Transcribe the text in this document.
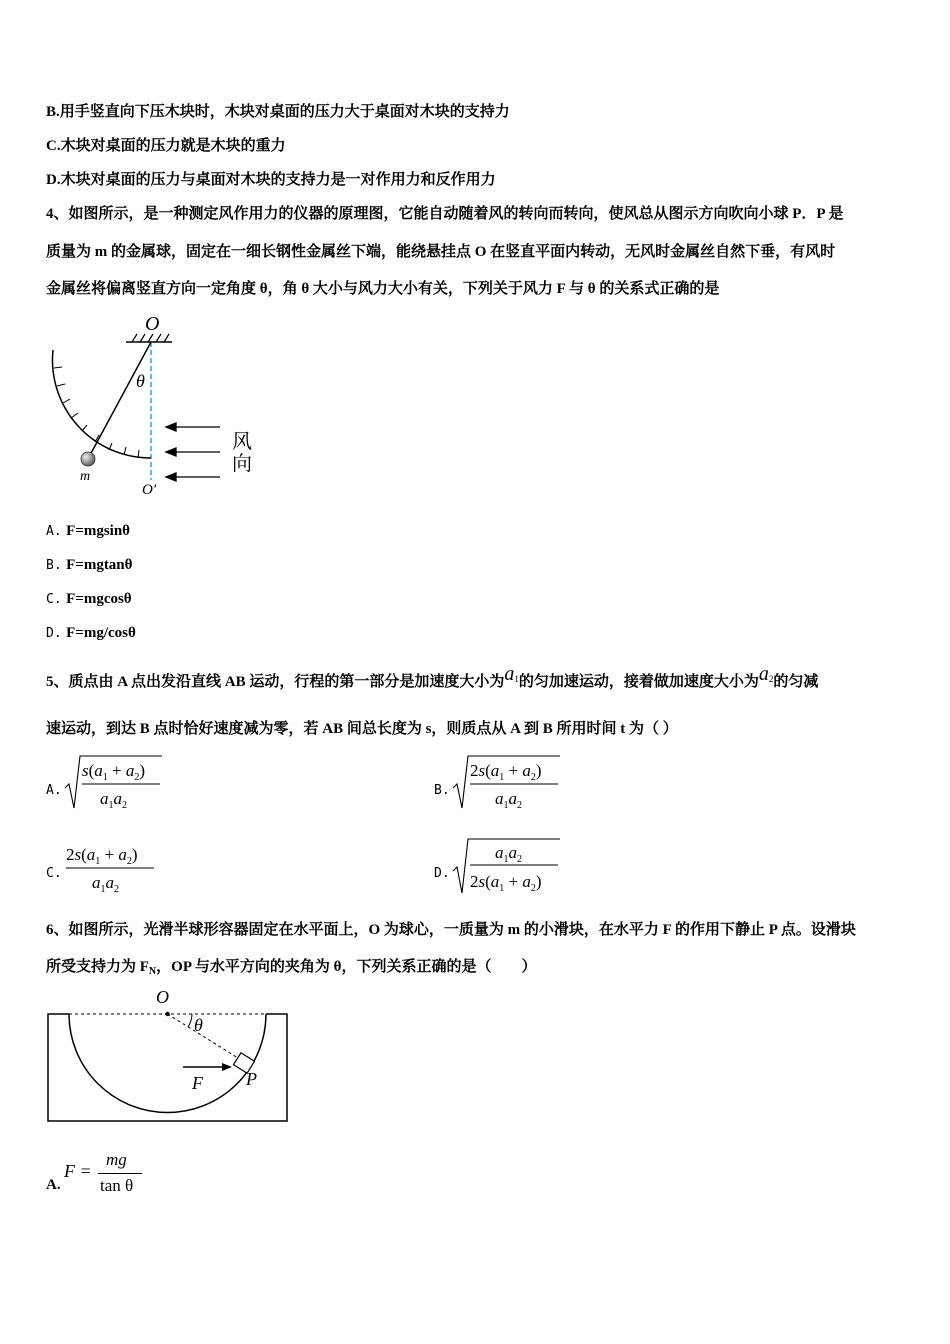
B.用手竖直向下压木块时，木块对桌面的压力大于桌面对木块的支持力
C.木块对桌面的压力就是木块的重力
D.木块对桌面的压力与桌面对木块的支持力是一对作用力和反作用力
4、如图所示，是一种测定风作用力的仪器的原理图，它能自动随着风的转向而转向，使风总从图示方向吹向小球 P．P 是
质量为 m 的金属球，固定在一细长钢性金属丝下端，能绕悬挂点 O 在竖直平面内转动，无风时金属丝自然下垂，有风时
金属丝将偏离竖直方向一定角度 θ，角 θ 大小与风力大小有关，下列关于风力 F 与 θ 的关系式正确的是
O
θ
m
O′
风
向
A. F=mgsinθ
B. F=mgtanθ
C. F=mgcosθ
D. F=mg/cosθ
5、质点由 A 点出发沿直线 AB 运动，行程的第一部分是加速度大小为$a^1$的匀加速运动，接着做加速度大小为$a^2$的匀减
速运动，到达 B 点时恰好速度减为零，若 AB 间总长度为 s，则质点从 A 到 B 所用时间 t 为（ ）
A.
$s(a_1 + a_2)$
$a_1a_2$
B.
$2s(a_1 + a_2)$
$a_1a_2$
C.
$2s(a_1 + a_2)$
$a_1a_2$
D.
$a_1a_2$
$2s(a_1 + a_2)$
6、如图所示，光滑半球形容器固定在水平面上，O 为球心，一质量为 m 的小滑块，在水平力 F 的作用下静止 P 点。设滑块
所受支持力为 $F_N$，OP 与水平方向的夹角为 θ，下列关系正确的是（　　）
O
θ
P
F
A.
F =
mg
tan θ
